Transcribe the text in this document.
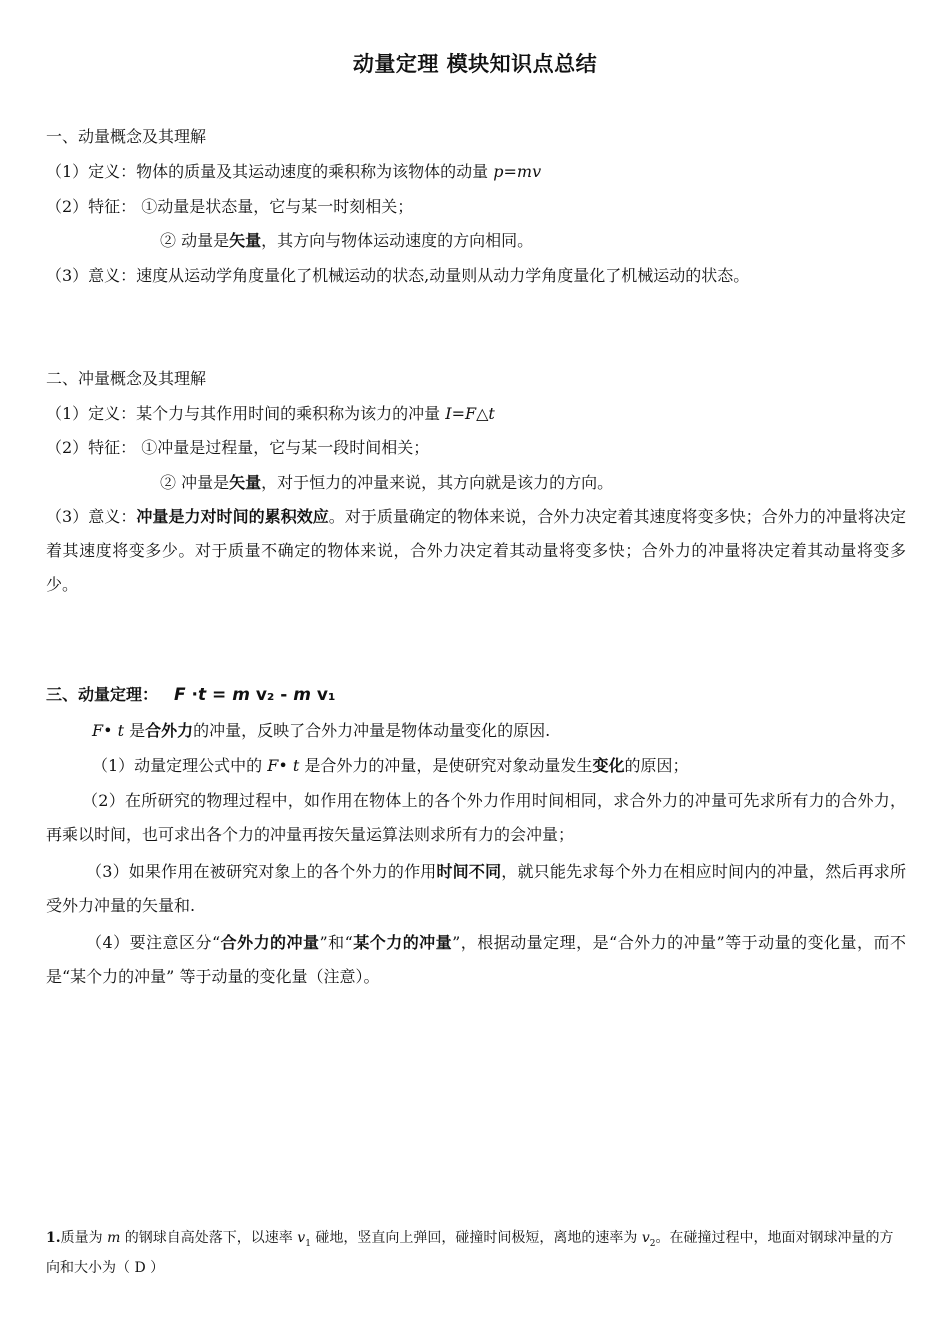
动量定理 模块知识点总结
一、动量概念及其理解
（1）定义：物体的质量及其运动速度的乘积称为该物体的动量 p=mv
（2）特征： ①动量是状态量，它与某一时刻相关；
② 动量是矢量，其方向与物体运动速度的方向相同。
（3）意义：速度从运动学角度量化了机械运动的状态,动量则从动力学角度量化了机械运动的状态。
二、冲量概念及其理解
（1）定义：某个力与其作用时间的乘积称为该力的冲量 I=F△t
（2）特征： ①冲量是过程量，它与某一段时间相关；
② 冲量是矢量，对于恒力的冲量来说，其方向就是该力的方向。
（3）意义：冲量是力对时间的累积效应。对于质量确定的物体来说，合外力决定着其速度将变多快；合外力的冲量将决定着其速度将变多少。对于质量不确定的物体来说，合外力决定着其动量将变多快；合外力的冲量将决定着其动量将变多少。
三、动量定理： F ·t = m v₂ - m v₁
F• t 是合外力的冲量，反映了合外力冲量是物体动量变化的原因.
（1）动量定理公式中的 F• t 是合外力的冲量，是使研究对象动量发生变化的原因；
（2）在所研究的物理过程中，如作用在物体上的各个外力作用时间相同，求合外力的冲量可先求所有力的合外力，再乘以时间，也可求出各个力的冲量再按矢量运算法则求所有力的会冲量；
（3）如果作用在被研究对象上的各个外力的作用时间不同，就只能先求每个外力在相应时间内的冲量，然后再求所受外力冲量的矢量和.
（4）要注意区分“合外力的冲量”和“某个力的冲量”，根据动量定理，是“合外力的冲量”等于动量的变化量，而不是“某个力的冲量” 等于动量的变化量（注意）。
1.质量为 m 的钢球自高处落下，以速率 $v_1$ 碰地，竖直向上弹回，碰撞时间极短，离地的速率为 $v_2$。在碰撞过程中，地面对钢球冲量的方向和大小为（ D ）
